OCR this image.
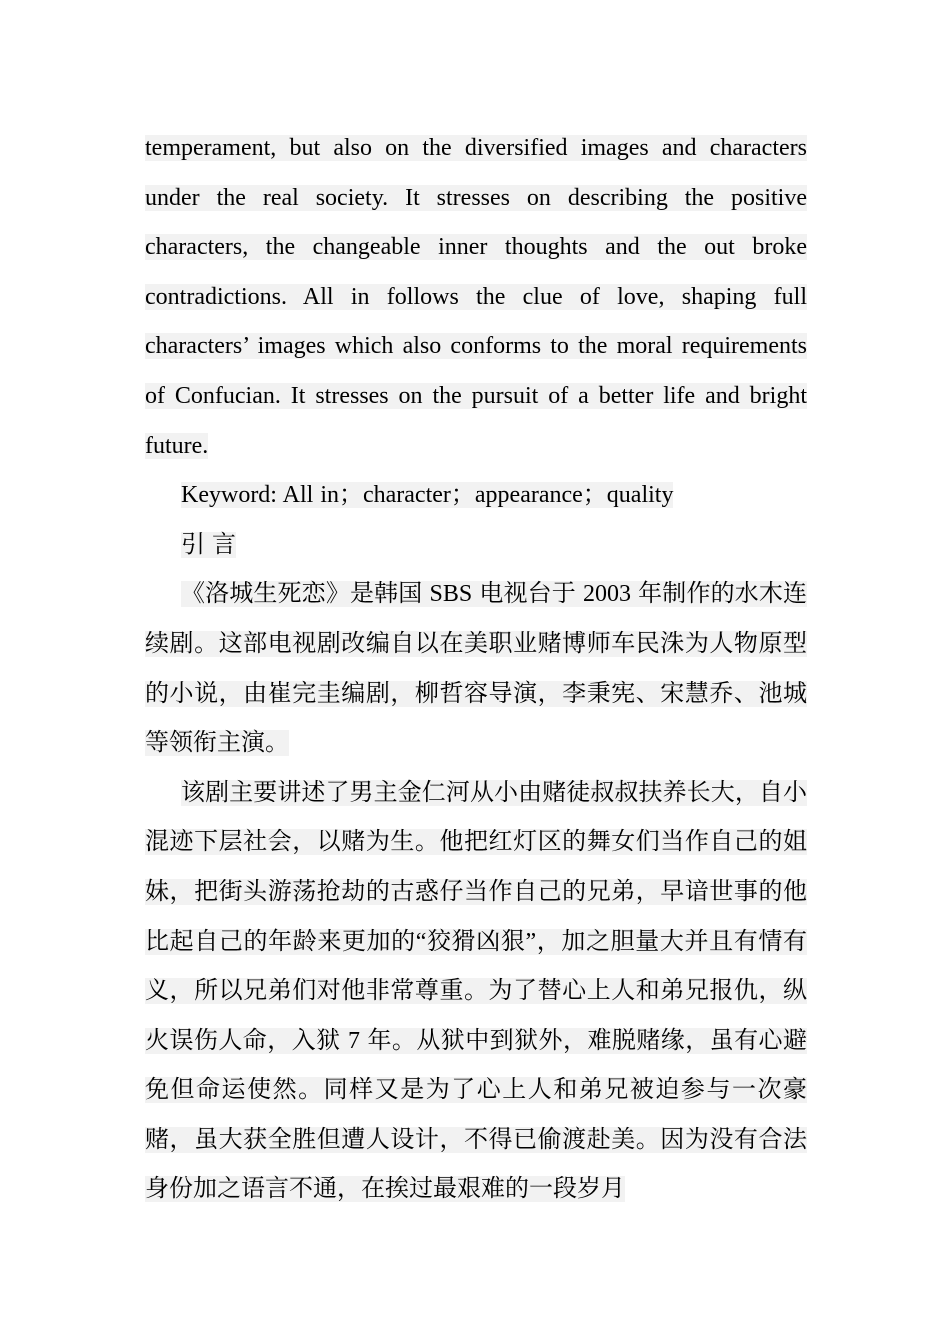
temperament, but also on the diversified images and characters under the real society. It stresses on describing the positive characters, the changeable inner thoughts and the out broke contradictions. All in follows the clue of love, shaping full characters’ images which also conforms to the moral requirements of Confucian. It stresses on the pursuit of a better life and bright future.

Keyword: All in；character；appearance；quality

引 言

《洛城生死恋》是韩国 SBS 电视台于 2003 年制作的水木连续剧。这部电视剧改编自以在美职业赌博师车民洙为人物原型的小说，由崔完圭编剧，柳哲容导演，李秉宪、宋慧乔、池城等领衔主演。

该剧主要讲述了男主金仁河从小由赌徒叔叔扶养长大，自小混迹下层社会，以赌为生。他把红灯区的舞女们当作自己的姐妹，把街头游荡抢劫的古惑仔当作自己的兄弟，早谙世事的他比起自己的年龄来更加的“狡猾凶狠”，加之胆量大并且有情有义，所以兄弟们对他非常尊重。为了替心上人和弟兄报仇，纵火误伤人命，入狱 7 年。从狱中到狱外，难脱赌缘，虽有心避免但命运使然。同样又是为了心上人和弟兄被迫参与一次豪赌，虽大获全胜但遭人设计，不得已偷渡赴美。因为没有合法身份加之语言不通，在挨过最艰难的一段岁月
